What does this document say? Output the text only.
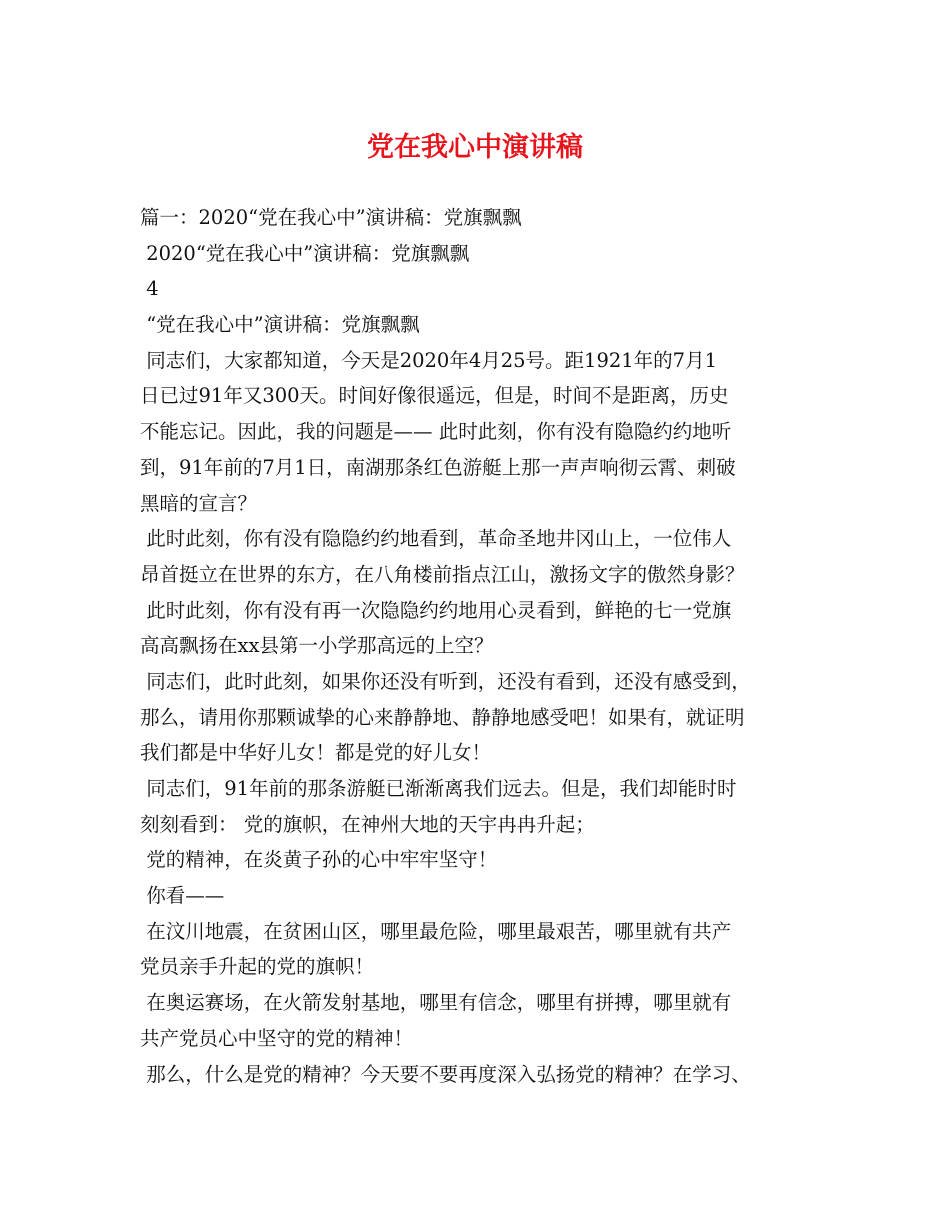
党在我心中演讲稿
篇一：2020“党在我心中”演讲稿：党旗飘飘
2020“党在我心中”演讲稿：党旗飘飘
4
“党在我心中”演讲稿：党旗飘飘
同志们，大家都知道，今天是2020年4月25号。距1921年的7月1
日已过91年又300天。时间好像很遥远，但是，时间不是距离，历史
不能忘记。因此，我的问题是—— 此时此刻，你有没有隐隐约约地听
到，91年前的7月1日，南湖那条红色游艇上那一声声响彻云霄、刺破
黑暗的宣言？
此时此刻，你有没有隐隐约约地看到，革命圣地井冈山上，一位伟人
昂首挺立在世界的东方，在八角楼前指点江山，激扬文字的傲然身影？
此时此刻，你有没有再一次隐隐约约地用心灵看到，鲜艳的七一党旗
高高飘扬在xx县第一小学那高远的上空？
同志们，此时此刻，如果你还没有听到，还没有看到，还没有感受到，
那么，请用你那颗诚挚的心来静静地、静静地感受吧！如果有，就证明
我们都是中华好儿女！都是党的好儿女！
同志们，91年前的那条游艇已渐渐离我们远去。但是，我们却能时时
刻刻看到： 党的旗帜，在神州大地的天宇冉冉升起；
党的精神，在炎黄子孙的心中牢牢坚守！
你看——
在汶川地震，在贫困山区，哪里最危险，哪里最艰苦，哪里就有共产
党员亲手升起的党的旗帜！
在奥运赛场，在火箭发射基地，哪里有信念，哪里有拼搏，哪里就有
共产党员心中坚守的党的精神！
那么，什么是党的精神？今天要不要再度深入弘扬党的精神？在学习、
